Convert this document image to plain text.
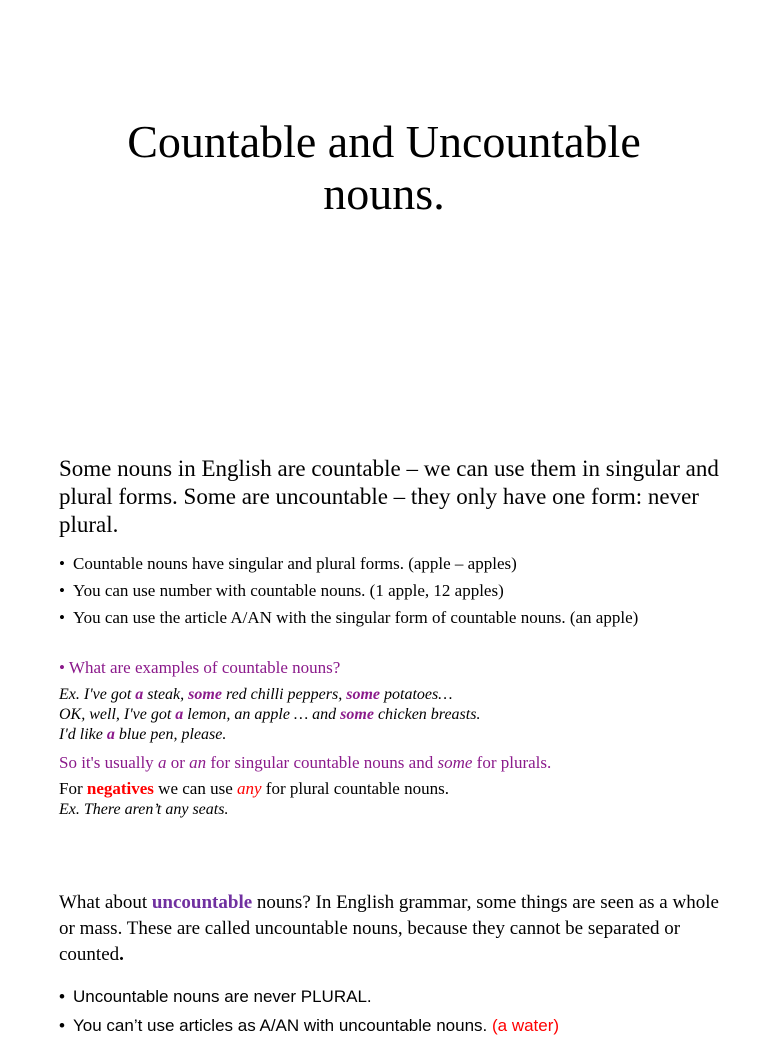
Countable and Uncountable
nouns.
Some nouns in English are countable – we can use them in singular and plural forms. Some are uncountable – they only have one form: never plural.
• Countable nouns have singular and plural forms. (apple – apples)
• You can use number with countable nouns. (1 apple, 12 apples)
• You can use the article A/AN with the singular form of countable nouns. (an apple)
• What are examples of countable nouns?
Ex. I've got a steak, some red chilli peppers, some potatoes…
OK, well, I've got a lemon, an apple … and some chicken breasts.
I'd like a blue pen, please.
So it's usually a or an for singular countable nouns and some for plurals.
For negatives we can use any for plural countable nouns.
Ex. There aren’t any seats.
What about uncountable nouns? In English grammar, some things are seen as a whole or mass. These are called uncountable nouns, because they cannot be separated or counted.
• Uncountable nouns are never PLURAL.
• You can’t use articles as A/AN with uncountable nouns. (a water)
